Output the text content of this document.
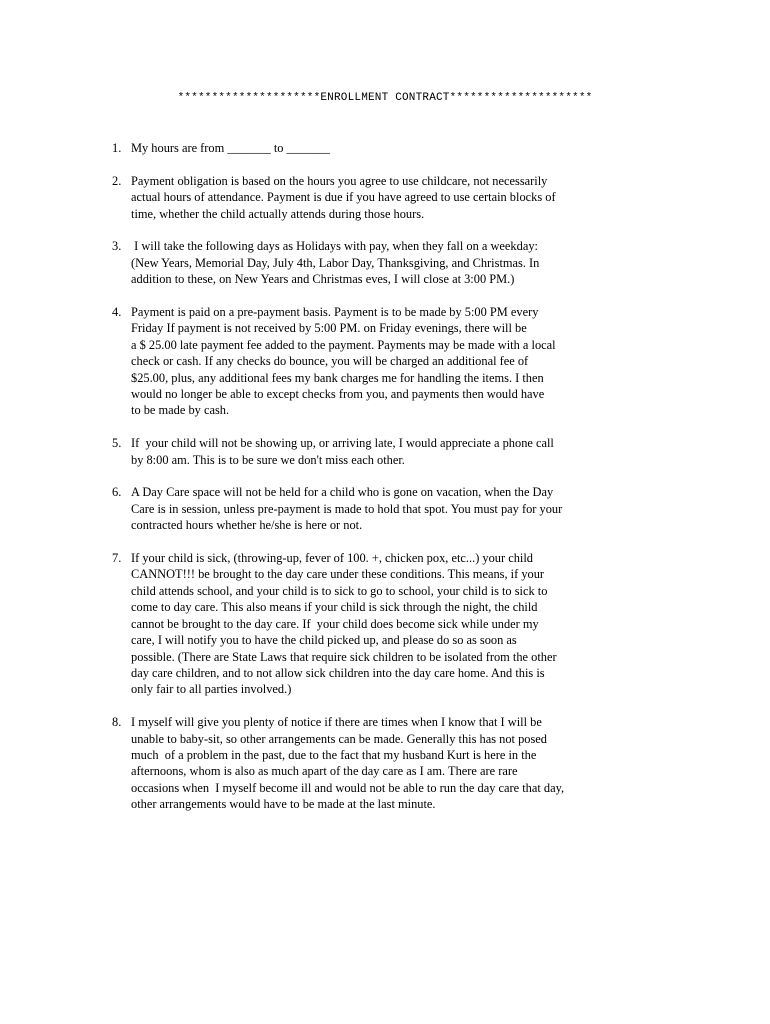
*********************ENROLLMENT CONTRACT*********************
1. My hours are from _______ to _______
2. Payment obligation is based on the hours you agree to use childcare, not necessarily
actual hours of attendance. Payment is due if you have agreed to use certain blocks of
time, whether the child actually attends during those hours.
3. I will take the following days as Holidays with pay, when they fall on a weekday:
(New Years, Memorial Day, July 4th, Labor Day, Thanksgiving, and Christmas. In
addition to these, on New Years and Christmas eves, I will close at 3:00 PM.)
4. Payment is paid on a pre-payment basis. Payment is to be made by 5:00 PM every
Friday If payment is not received by 5:00 PM. on Friday evenings, there will be
a $ 25.00 late payment fee added to the payment. Payments may be made with a local
check or cash. If any checks do bounce, you will be charged an additional fee of
$25.00, plus, any additional fees my bank charges me for handling the items. I then
would no longer be able to except checks from you, and payments then would have
to be made by cash.
5. If  your child will not be showing up, or arriving late, I would appreciate a phone call
by 8:00 am. This is to be sure we don't miss each other.
6. A Day Care space will not be held for a child who is gone on vacation, when the Day
Care is in session, unless pre-payment is made to hold that spot. You must pay for your
contracted hours whether he/she is here or not.
7. If your child is sick, (throwing-up, fever of 100. +, chicken pox, etc...) your child
CANNOT!!! be brought to the day care under these conditions. This means, if your
child attends school, and your child is to sick to go to school, your child is to sick to
come to day care. This also means if your child is sick through the night, the child
cannot be brought to the day care. If  your child does become sick while under my
care, I will notify you to have the child picked up, and please do so as soon as
possible. (There are State Laws that require sick children to be isolated from the other
day care children, and to not allow sick children into the day care home. And this is
only fair to all parties involved.)
8. I myself will give you plenty of notice if there are times when I know that I will be
unable to baby-sit, so other arrangements can be made. Generally this has not posed
much  of a problem in the past, due to the fact that my husband Kurt is here in the
afternoons, whom is also as much apart of the day care as I am. There are rare
occasions when  I myself become ill and would not be able to run the day care that day,
other arrangements would have to be made at the last minute.
